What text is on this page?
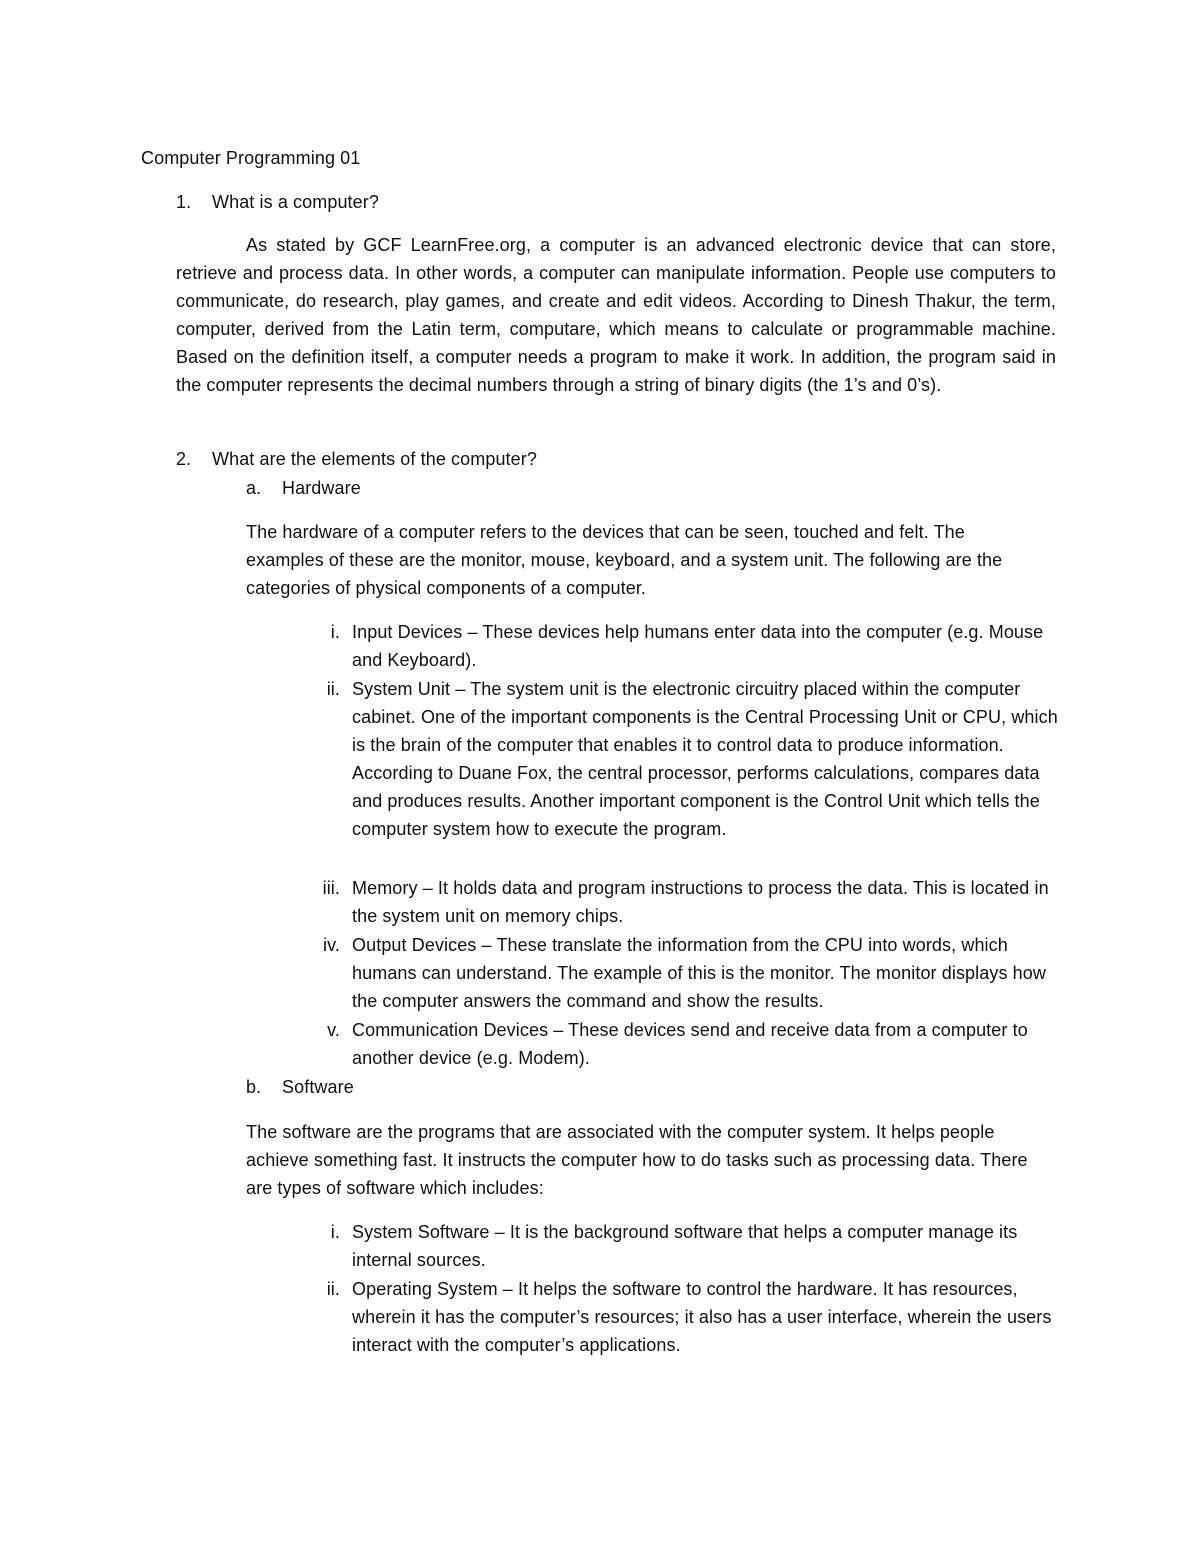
Computer Programming 01
1. What is a computer?
As stated by GCF LearnFree.org, a computer is an advanced electronic device that can store, retrieve and process data. In other words, a computer can manipulate information. People use computers to communicate, do research, play games, and create and edit videos. According to Dinesh Thakur, the term, computer, derived from the Latin term, computare, which means to calculate or programmable machine. Based on the definition itself, a computer needs a program to make it work. In addition, the program said in the computer represents the decimal numbers through a string of binary digits (the 1’s and 0’s).
2. What are the elements of the computer?
a. Hardware
The hardware of a computer refers to the devices that can be seen, touched and felt. The examples of these are the monitor, mouse, keyboard, and a system unit. The following are the categories of physical components of a computer.
i. Input Devices – These devices help humans enter data into the computer (e.g. Mouse and Keyboard).
ii. System Unit – The system unit is the electronic circuitry placed within the computer cabinet. One of the important components is the Central Processing Unit or CPU, which is the brain of the computer that enables it to control data to produce information. According to Duane Fox, the central processor, performs calculations, compares data and produces results. Another important component is the Control Unit which tells the computer system how to execute the program.
iii. Memory – It holds data and program instructions to process the data. This is located in the system unit on memory chips.
iv. Output Devices – These translate the information from the CPU into words, which humans can understand. The example of this is the monitor. The monitor displays how the computer answers the command and show the results.
v. Communication Devices – These devices send and receive data from a computer to another device (e.g. Modem).
b. Software
The software are the programs that are associated with the computer system. It helps people achieve something fast. It instructs the computer how to do tasks such as processing data. There are types of software which includes:
i. System Software – It is the background software that helps a computer manage its internal sources.
ii. Operating System – It helps the software to control the hardware. It has resources, wherein it has the computer’s resources; it also has a user interface, wherein the users interact with the computer’s applications.
